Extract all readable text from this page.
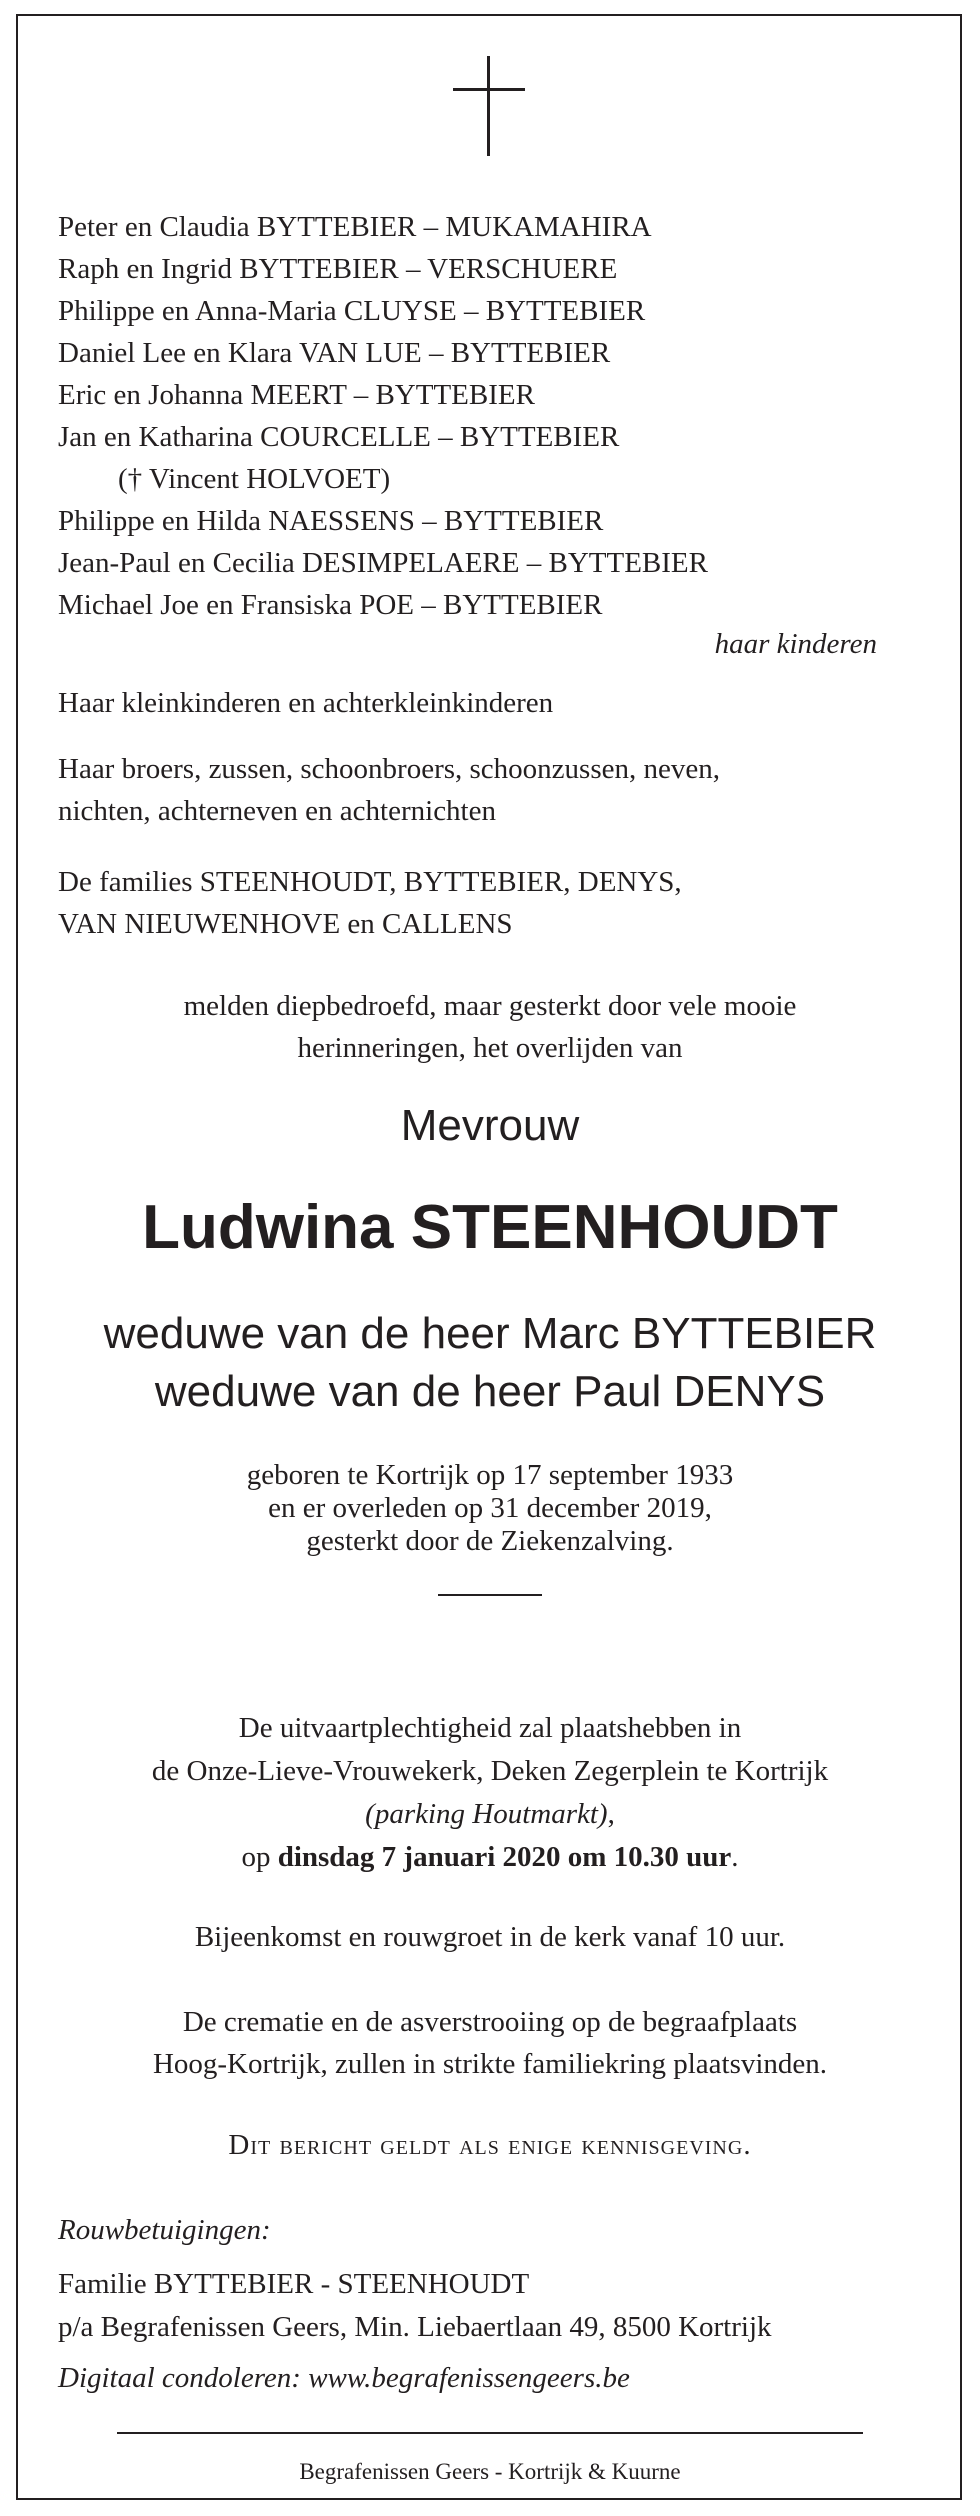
Peter en Claudia BYTTEBIER – MUKAMAHIRA
Raph en Ingrid BYTTEBIER – VERSCHUERE
Philippe en Anna-Maria CLUYSE – BYTTEBIER
Daniel Lee en Klara VAN LUE – BYTTEBIER
Eric en Johanna MEERT – BYTTEBIER
Jan en Katharina COURCELLE – BYTTEBIER
(† Vincent HOLVOET)
Philippe en Hilda NAESSENS – BYTTEBIER
Jean-Paul en Cecilia DESIMPELAERE – BYTTEBIER
Michael Joe en Fransiska POE – BYTTEBIER
haar kinderen
Haar kleinkinderen en achterkleinkinderen
Haar broers, zussen, schoonbroers, schoonzussen, neven,
nichten, achterneven en achternichten
De families STEENHOUDT, BYTTEBIER, DENYS,
VAN NIEUWENHOVE en CALLENS
melden diepbedroefd, maar gesterkt door vele mooie
herinneringen, het overlijden van
Mevrouw
Ludwina STEENHOUDT
weduwe van de heer Marc BYTTEBIER
weduwe van de heer Paul DENYS
geboren te Kortrijk op 17 september 1933
en er overleden op 31 december 2019,
gesterkt door de Ziekenzalving.
De uitvaartplechtigheid zal plaatshebben in
de Onze-Lieve-Vrouwekerk, Deken Zegerplein te Kortrijk
(parking Houtmarkt),
op dinsdag 7 januari 2020 om 10.30 uur.
Bijeenkomst en rouwgroet in de kerk vanaf 10 uur.
De crematie en de asverstrooiing op de begraafplaats
Hoog-Kortrijk, zullen in strikte familiekring plaatsvinden.
Dit bericht geldt als enige kennisgeving.
Rouwbetuigingen:
Familie BYTTEBIER - STEENHOUDT
p/a Begrafenissen Geers, Min. Liebaertlaan 49, 8500 Kortrijk
Digitaal condoleren: www.begrafenissengeers.be
Begrafenissen Geers - Kortrijk & Kuurne
